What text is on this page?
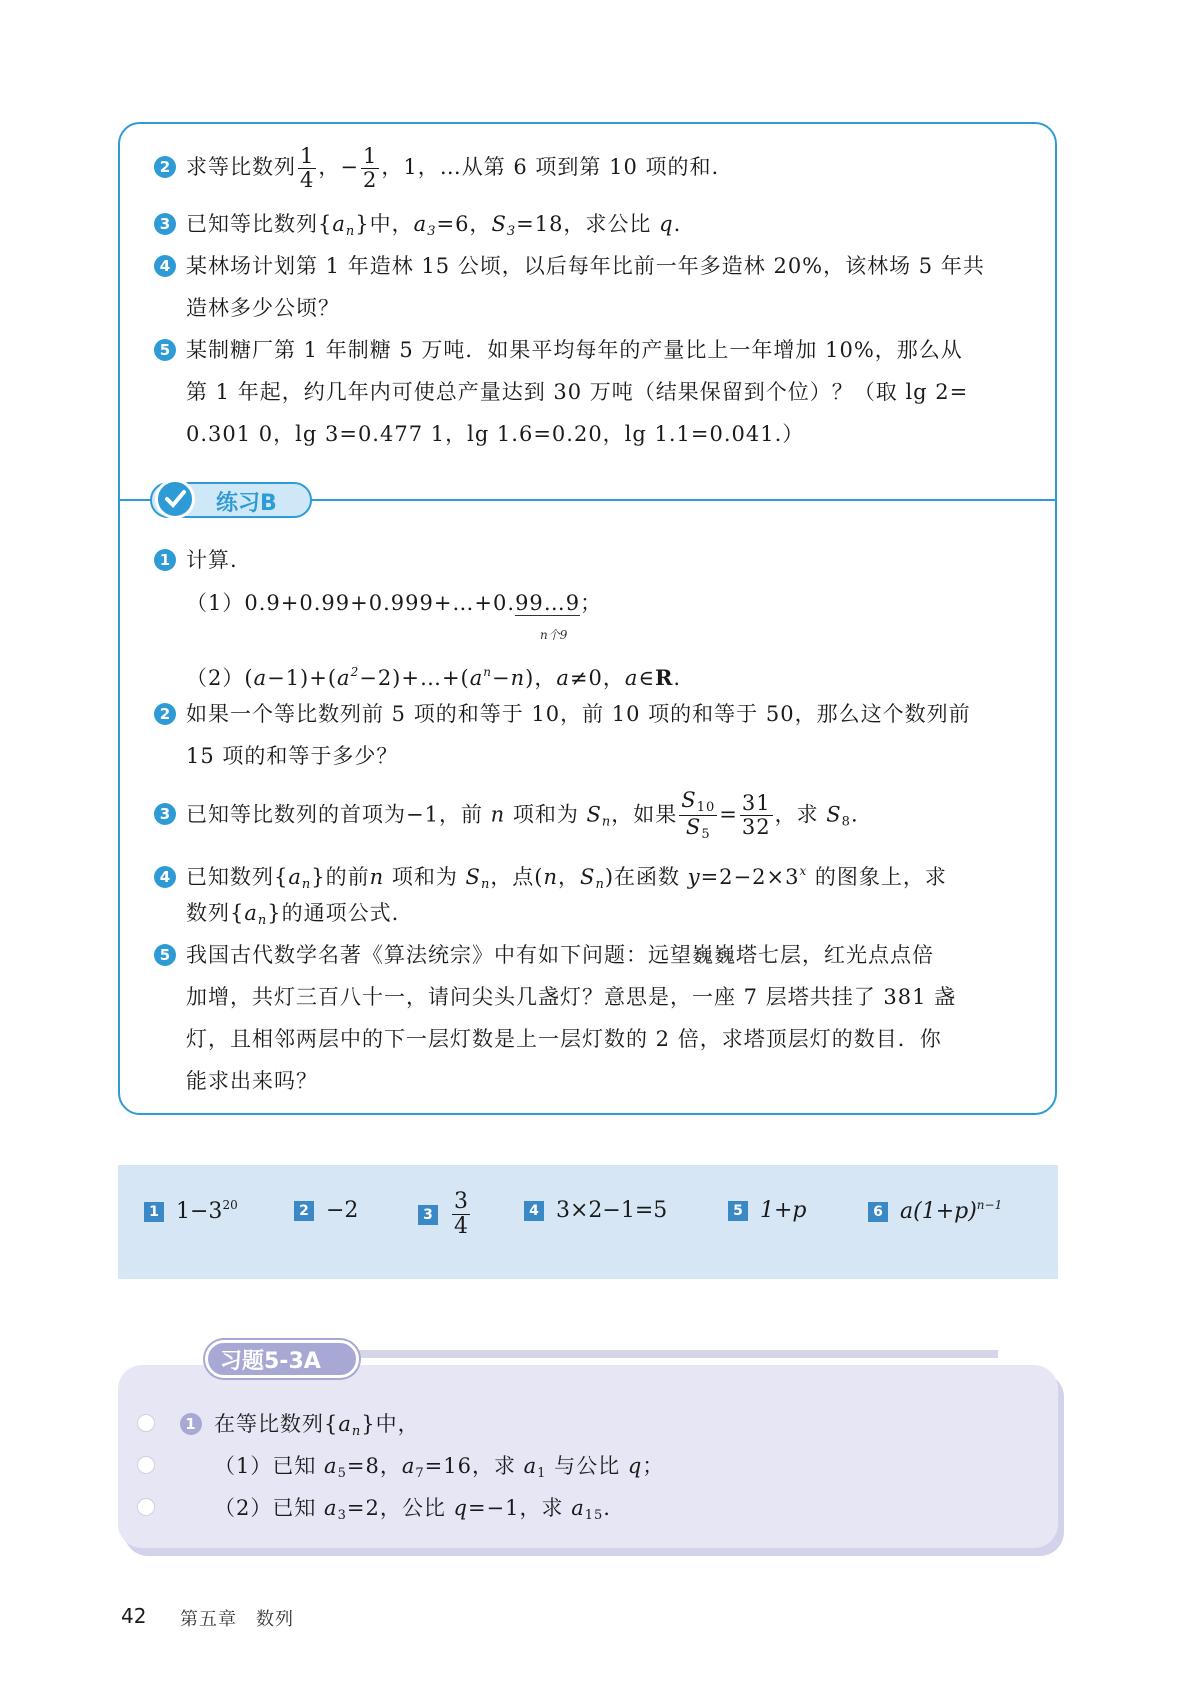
2 求等比数列 $\frac{1}{4}$ ，− $\frac{1}{2}$ ，1，…从第 6 项到第 10 项的和.
3 已知等比数列$\{a_n\}$中，$a_3=6$，$S_3=18$，求公比 q.
4 某林场计划第 1 年造林 15 公顷，以后每年比前一年多造林 20%，该林场 5 年共
造林多少公顷？
5 某制糖厂第 1 年制糖 5 万吨．如果平均每年的产量比上一年增加 10%，那么从
第 1 年起，约几年内可使总产量达到 30 万吨（结果保留到个位）？（取 lg 2=
0.301 0，lg 3=0.477 1，lg 1.6=0.20，lg 1.1=0.041.）
练习B
1 计算.
（1）0.9+0.99+0.999+…+0.99…9；
n个9
$(2)(a-1)+(a^2-2)+\dots+(a^n-n)$，a≠0，a∈R.
2 如果一个等比数列前 5 项的和等于 10，前 10 项的和等于 50，那么这个数列前
15 项的和等于多少？
3 已知等比数列的首项为−1，前 n 项和为 $S_n$，如果 $\frac{S_{10}}{S_5} = \frac{31}{32}$ ，求 $S_8$.
4 已知数列$\{a_n\}$的前n 项和为 $S_n$，点(n，$S_n$)在函数 $y=2-2\times 3^x$ 的图象上，求
数列$\{a_n\}$的通项公式.
5 我国古代数学名著《算法统宗》中有如下问题：远望巍巍塔七层，红光点点倍
加增，共灯三百八十一，请问尖头几盏灯？意思是，一座 7 层塔共挂了 381 盏
灯，且相邻两层中的下一层灯数是上一层灯数的 2 倍，求塔顶层灯的数目．你
能求出来吗？
1 $1-3^{20}$	2 −2	$3 \frac{3}{4}$	4 3×2−1=5	5 1+p	6 $a(1+p)^{n-1}$
习题5-3A
1 在等比数列$\{a_n\}$中，
（1）已知 $a_5=8$，$a_7=16$，求 $a_1$ 与公比 q；
（2）已知 $a_3=2$，公比 q=−1，求 $a_{15}$.
42 第五章　数列
